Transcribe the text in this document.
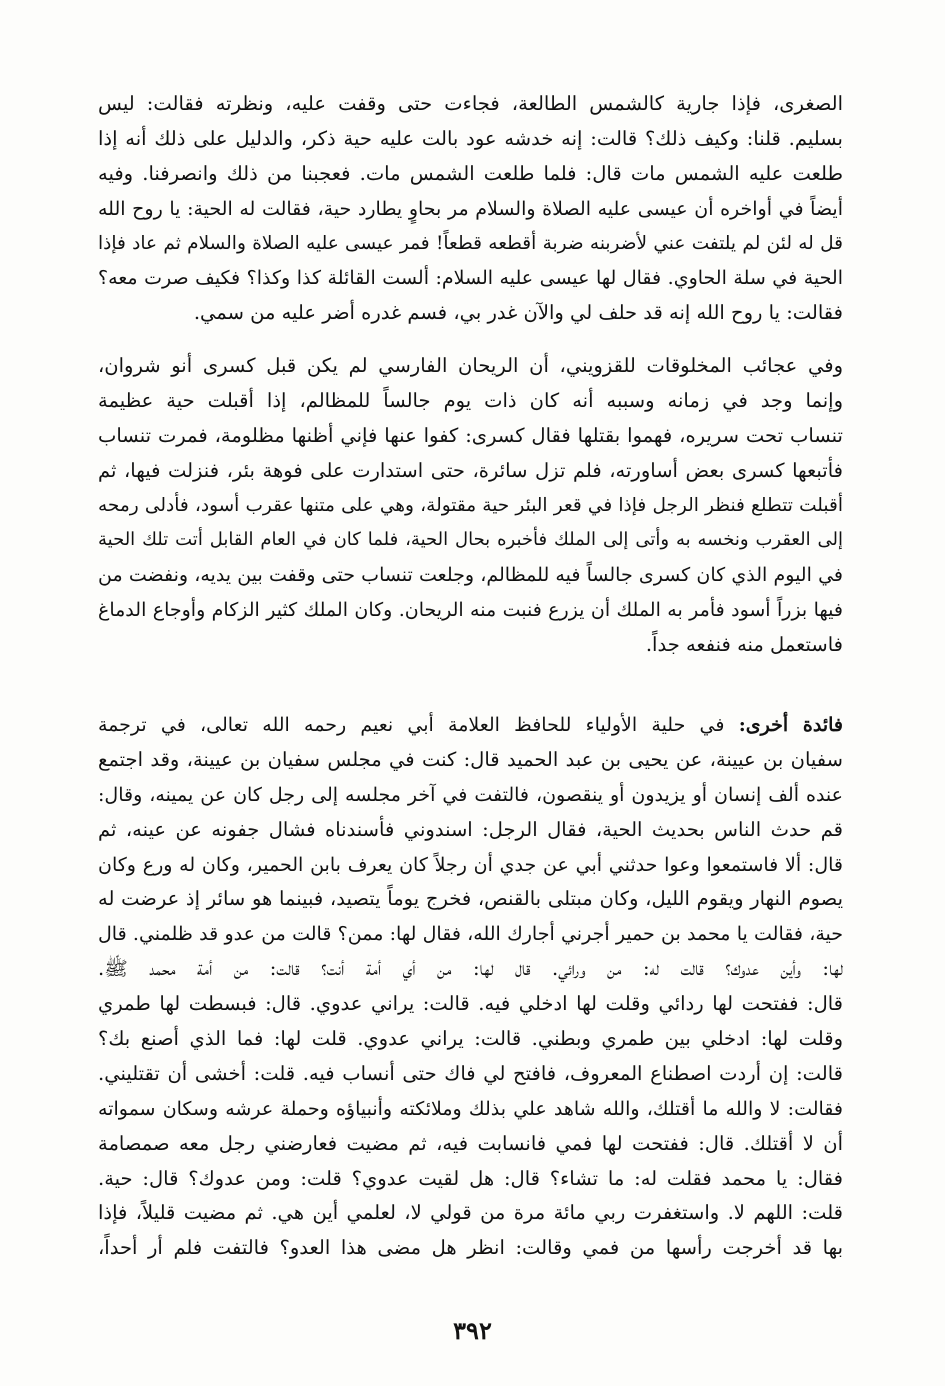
الصغرى، فإذا جارية كالشمس الطالعة، فجاءت حتى وقفت عليه، ونظرته فقالت: ليس
بسليم. قلنا: وكيف ذلك؟ قالت: إنه خدشه عود بالت عليه حية ذكر، والدليل على ذلك أنه إذا
طلعت عليه الشمس مات قال: فلما طلعت الشمس مات. فعجبنا من ذلك وانصرفنا. وفيه
أيضاً في أواخره أن عيسى عليه الصلاة والسلام مر بحاوٍ يطارد حية، فقالت له الحية: يا روح الله
قل له لئن لم يلتفت عني لأضربنه ضربة أقطعه قطعاً! فمر عيسى عليه الصلاة والسلام ثم عاد فإذا
الحية في سلة الحاوي. فقال لها عيسى عليه السلام: ألست القائلة كذا وكذا؟ فكيف صرت معه؟
فقالت: يا روح الله إنه قد حلف لي والآن غدر بي، فسم غدره أضر عليه من سمي.
وفي عجائب المخلوقات للقزويني، أن الريحان الفارسي لم يكن قبل كسرى أنو شروان،
وإنما وجد في زمانه وسببه أنه كان ذات يوم جالساً للمظالم، إذا أقبلت حية عظيمة
تنساب تحت سريره، فهموا بقتلها فقال كسرى: كفوا عنها فإني أظنها مظلومة، فمرت تنساب
فأتبعها كسرى بعض أساورته، فلم تزل سائرة، حتى استدارت على فوهة بئر، فنزلت فيها، ثم
أقبلت تتطلع فنظر الرجل فإذا في قعر البئر حية مقتولة، وهي على متنها عقرب أسود، فأدلى رمحه
إلى العقرب ونخسه به وأتى إلى الملك فأخبره بحال الحية، فلما كان في العام القابل أتت تلك الحية
في اليوم الذي كان كسرى جالساً فيه للمظالم، وجلعت تنساب حتى وقفت بين يديه، ونفضت من
فيها بزراً أسود فأمر به الملك أن يزرع فنبت منه الريحان. وكان الملك كثير الزكام وأوجاع الدماغ
فاستعمل منه فنفعه جداً.
فائدة أخرى: في حلية الأولياء للحافظ العلامة أبي نعيم رحمه الله تعالى، في ترجمة
سفيان بن عيينة، عن يحيى بن عبد الحميد قال: كنت في مجلس سفيان بن عيينة، وقد اجتمع
عنده ألف إنسان أو يزيدون أو ينقصون، فالتفت في آخر مجلسه إلى رجل كان عن يمينه، وقال:
قم حدث الناس بحديث الحية، فقال الرجل: اسندوني فأسندناه فشال جفونه عن عينه، ثم
قال: ألا فاستمعوا وعوا حدثني أبي عن جدي أن رجلاً كان يعرف بابن الحمير، وكان له ورع وكان
يصوم النهار ويقوم الليل، وكان مبتلى بالقنص، فخرج يوماً يتصيد، فبينما هو سائر إذ عرضت له
حية، فقالت يا محمد بن حمير أجرني أجارك الله، فقال لها: ممن؟ قالت من عدو قد ظلمني. قال
لها: وأين عدوك؟ قالت له: من ورائي. قال لها: من أي أمة أنت؟ قالت: من أمة محمد ﷺ.
قال: ففتحت لها ردائي وقلت لها ادخلي فيه. قالت: يراني عدوي. قال: فبسطت لها طمري
وقلت لها: ادخلي بين طمري وبطني. قالت: يراني عدوي. قلت لها: فما الذي أصنع بك؟
قالت: إن أردت اصطناع المعروف، فافتح لي فاك حتى أنساب فيه. قلت: أخشى أن تقتليني.
فقالت: لا والله ما أقتلك، والله شاهد علي بذلك وملائكته وأنبياؤه وحملة عرشه وسكان سمواته
أن لا أقتلك. قال: ففتحت لها فمي فانسابت فيه، ثم مضيت فعارضني رجل معه صمصامة
فقال: يا محمد فقلت له: ما تشاء؟ قال: هل لقيت عدوي؟ قلت: ومن عدوك؟ قال: حية.
قلت: اللهم لا. واستغفرت ربي مائة مرة من قولي لا، لعلمي أين هي. ثم مضيت قليلاً، فإذا
بها قد أخرجت رأسها من فمي وقالت: انظر هل مضى هذا العدو؟ فالتفت فلم أر أحداً،
٣٩٢
